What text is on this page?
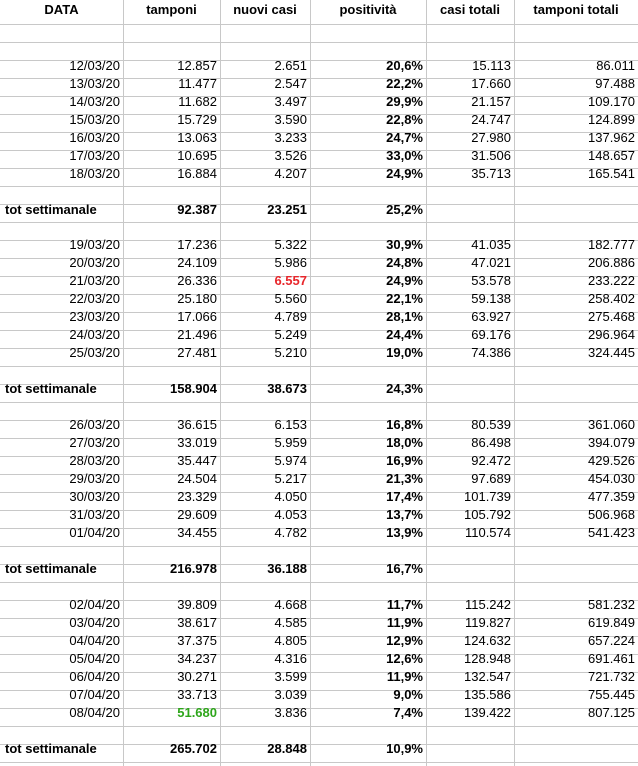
DATA	tamponi	nuovi casi	positività	casi totali	tamponi totali
12/03/20	12.857	2.651	20,6%	15.113	86.011
13/03/20	11.477	2.547	22,2%	17.660	97.488
14/03/20	11.682	3.497	29,9%	21.157	109.170
15/03/20	15.729	3.590	22,8%	24.747	124.899
16/03/20	13.063	3.233	24,7%	27.980	137.962
17/03/20	10.695	3.526	33,0%	31.506	148.657
18/03/20	16.884	4.207	24,9%	35.713	165.541
tot settimanale	92.387	23.251	25,2%
19/03/20	17.236	5.322	30,9%	41.035	182.777
20/03/20	24.109	5.986	24,8%	47.021	206.886
21/03/20	26.336	6.557	24,9%	53.578	233.222
22/03/20	25.180	5.560	22,1%	59.138	258.402
23/03/20	17.066	4.789	28,1%	63.927	275.468
24/03/20	21.496	5.249	24,4%	69.176	296.964
25/03/20	27.481	5.210	19,0%	74.386	324.445
tot settimanale	158.904	38.673	24,3%
26/03/20	36.615	6.153	16,8%	80.539	361.060
27/03/20	33.019	5.959	18,0%	86.498	394.079
28/03/20	35.447	5.974	16,9%	92.472	429.526
29/03/20	24.504	5.217	21,3%	97.689	454.030
30/03/20	23.329	4.050	17,4%	101.739	477.359
31/03/20	29.609	4.053	13,7%	105.792	506.968
01/04/20	34.455	4.782	13,9%	110.574	541.423
tot settimanale	216.978	36.188	16,7%
02/04/20	39.809	4.668	11,7%	115.242	581.232
03/04/20	38.617	4.585	11,9%	119.827	619.849
04/04/20	37.375	4.805	12,9%	124.632	657.224
05/04/20	34.237	4.316	12,6%	128.948	691.461
06/04/20	30.271	3.599	11,9%	132.547	721.732
07/04/20	33.713	3.039	9,0%	135.586	755.445
08/04/20	51.680	3.836	7,4%	139.422	807.125
tot settimanale	265.702	28.848	10,9%
